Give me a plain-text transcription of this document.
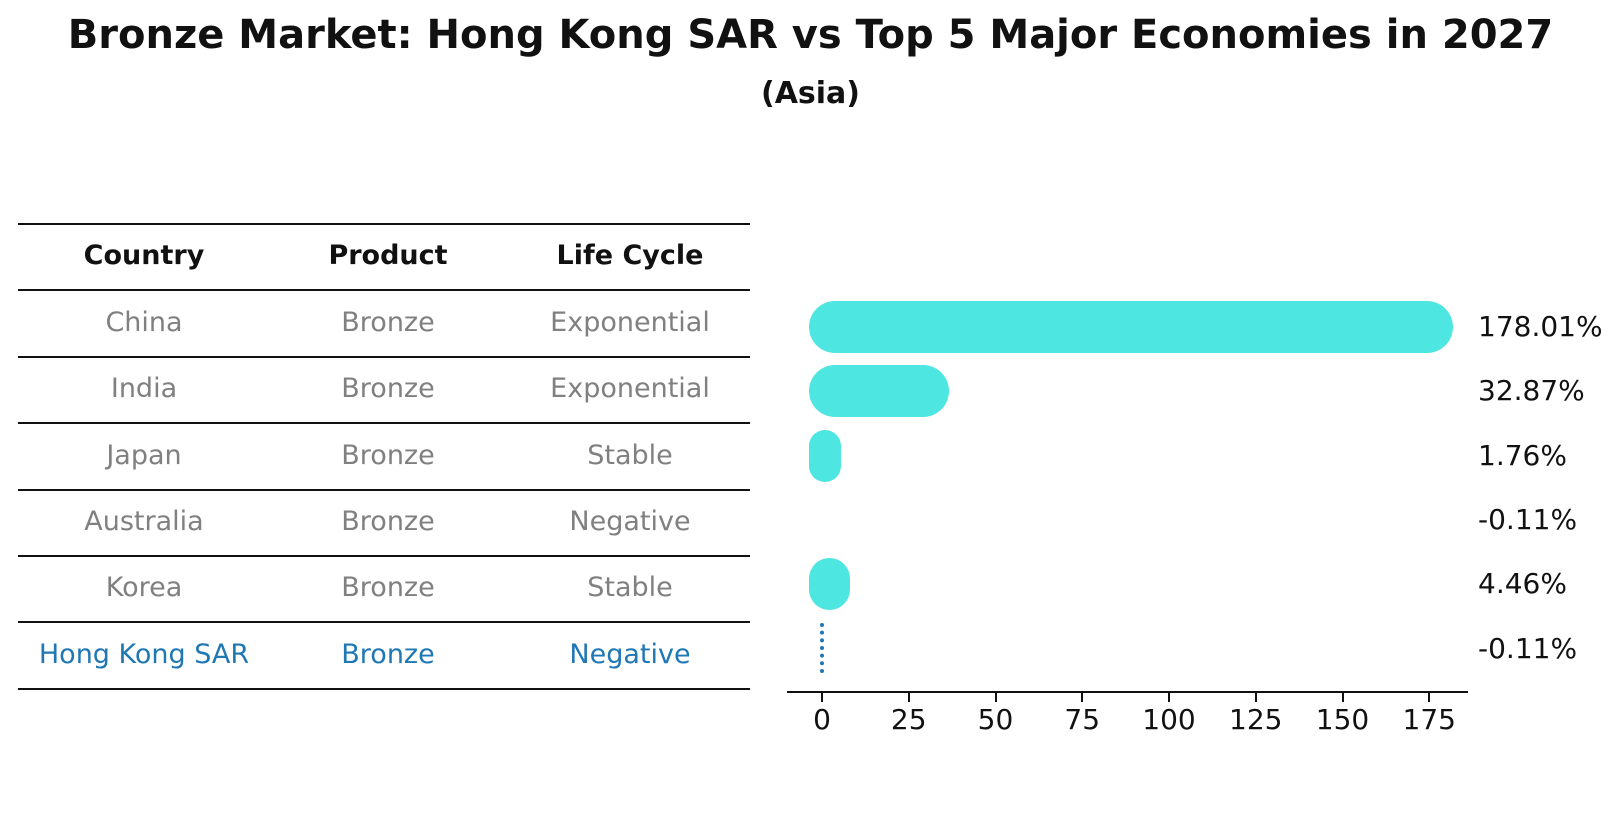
Bronze Market: Hong Kong SAR vs Top 5 Major Economies in 2027
(Asia)
Country	Product	Life Cycle
China	Bronze	Exponential
India	Bronze	Exponential
Japan	Bronze	Stable
Australia	Bronze	Negative
Korea	Bronze	Stable
Hong Kong SAR	Bronze	Negative
0	25	50	75	100	125	150	175
178.01%
32.87%
1.76%
-0.11%
4.46%
-0.11%
